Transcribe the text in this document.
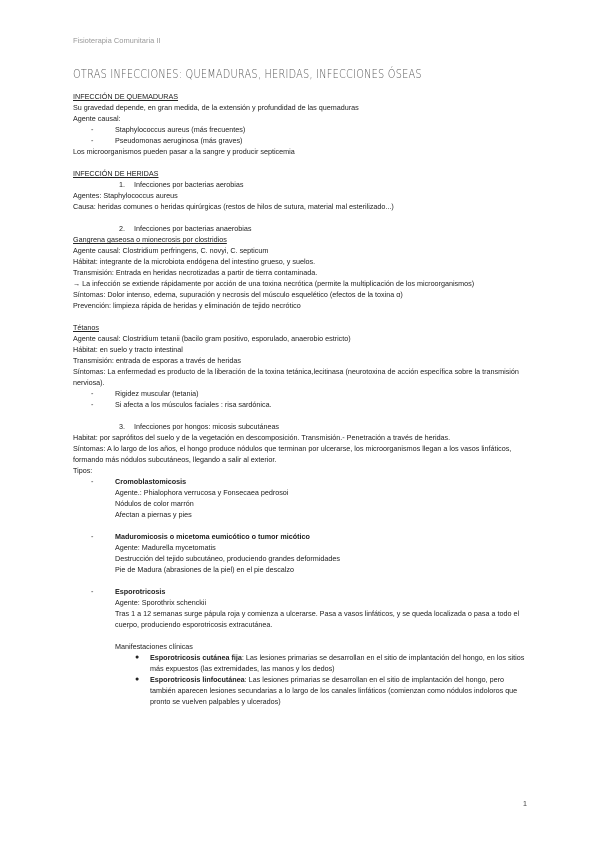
Fisioterapia Comunitaria II
OTRAS INFECCIONES: QUEMADURAS, HERIDAS, INFECCIONES ÓSEAS

INFECCIÓN DE QUEMADURAS

Su gravedad depende, en gran medida, de la extensión y profundidad de las quemaduras

Agente causal:

- Staphylococcus aureus (más frecuentes)
- Pseudomonas aeruginosa (más graves)

Los microorganismos pueden pasar a la sangre y producir septicemia

INFECCIÓN DE HERIDAS

1.	Infecciones por bacterias aerobias

Agentes: Staphylococcus aureus

Causa: heridas comunes o heridas quirúrgicas (restos de hilos de sutura, material mal esterilizado...)

2.	Infecciones por bacterias anaerobias

Gangrena gaseosa o mionecrosis por clostridios

Agente causal: Clostridium perfringens, C. novyi, C. septicum

Hábitat: integrante de la microbiota endógena del intestino grueso, y suelos.

Transmisión: Entrada en heridas necrotizadas a partir de tierra contaminada.

→ La infección se extiende rápidamente por acción de una toxina necrótica (permite la multiplicación de los microorganismos)

Síntomas: Dolor intenso, edema, supuración y necrosis del músculo esquelético (efectos de la toxina α)

Prevención: limpieza rápida de heridas y eliminación de tejido necrótico

Tétanos

Agente causal: Clostridium tetanii (bacilo gram positivo, esporulado, anaerobio estricto)

Hábitat: en suelo y tracto intestinal

Transmisión: entrada de esporas a través de heridas

Síntomas: La enfermedad es producto de la liberación de la toxina tetánica,lecitinasa (neurotoxina de acción específica sobre la transmisión nerviosa).

- Rigidez muscular (tetania)
- Si afecta a los músculos faciales : risa sardónica.
3.	Infecciones por hongos: micosis subcutáneas

Habitat: por saprófitos del suelo y de la vegetación en descomposición. Transmisión.- Penetración a través de heridas.

Síntomas: A lo largo de los años, el hongo produce nódulos que terminan por ulcerarse, los microorganismos llegan a los vasos linfáticos, formando más nódulos subcutáneos, llegando a salir al exterior.

Tipos:

-	Cromoblastomicosis
Agente.: Phialophora verrucosa y Fonsecaea pedrosoi
Nódulos de color marrón
Afectan a piernas y pies
-	Maduromicosis o micetoma eumicótico o tumor micótico
Agente: Madurella mycetomatis
Destrucción del tejido subcutáneo, produciendo grandes deformidades
Pie de Madura (abrasiones de la piel) en el pie descalzo
-	Esporotricosis
Agente: Sporothrix schenckii
Tras 1 a 12 semanas surge pápula roja y comienza a ulcerarse. Pasa a vasos linfáticos, y se queda localizada o pasa a todo el cuerpo, produciendo esporotricosis extracutánea.
Manifestaciones clínicas
●	Esporotricosis cutánea fija: Las lesiones primarias se desarrollan en el sitio de implantación del hongo, en los sitios más expuestos (las extremidades, las manos y los dedos)
●	Esporotricosis linfocutánea: Las lesiones primarias se desarrollan en el sitio de implantación del hongo, pero también aparecen lesiones secundarias a lo largo de los canales linfáticos (comienzan como nódulos indoloros que pronto se vuelven palpables y ulcerados)
1
